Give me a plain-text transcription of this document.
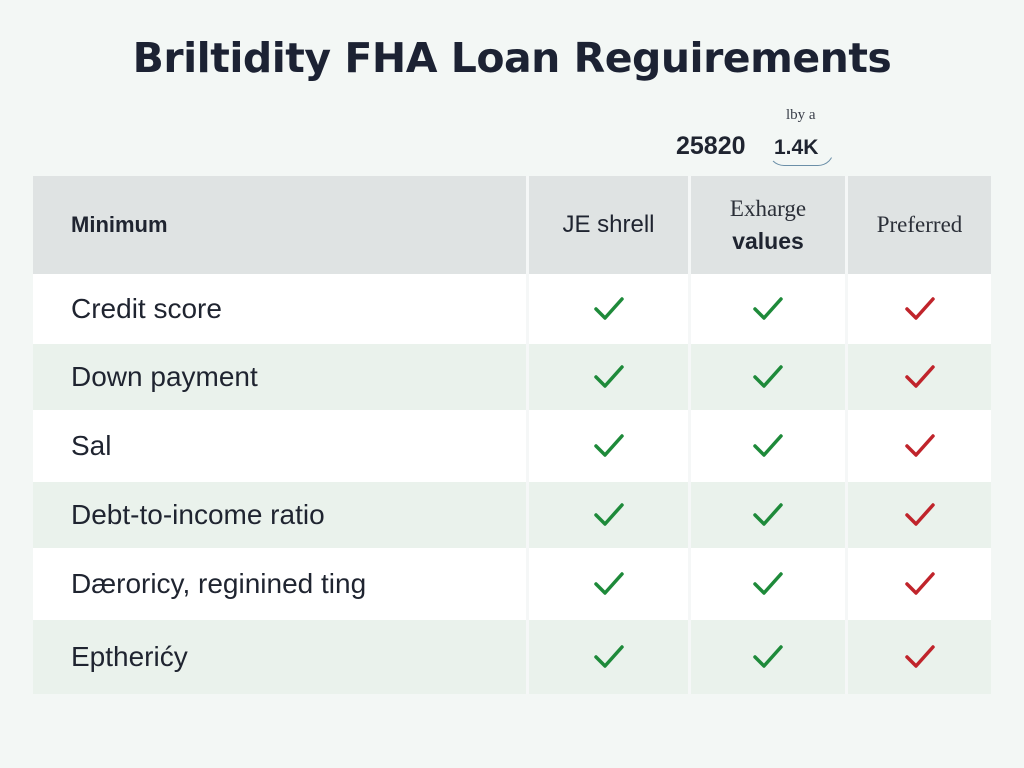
Briltidity FHA Loan Reguirements
lby a
25820 1.4K
Minimum	JE shrell
Exharge
values
Preferred
Credit score
Down payment
Sal
Debt-to-income ratio
Dæroricy, reginined ting
Eptherićy
